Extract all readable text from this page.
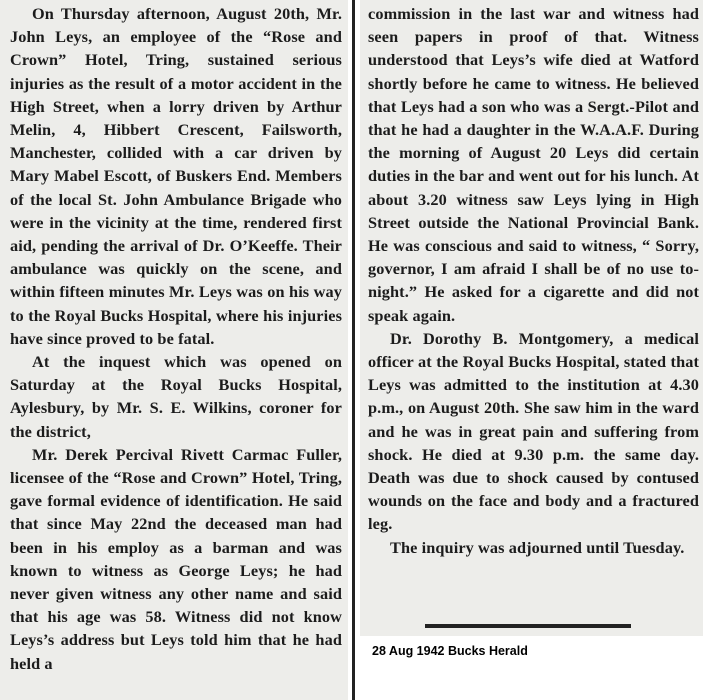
On Thursday afternoon, August 20th, Mr. John Leys, an employee of the “Rose and Crown” Hotel, Tring, sustained serious injuries as the result of a motor accident in the High Street, when a lorry driven by Arthur Melin, 4, Hibbert Crescent, Failsworth, Manchester, collided with a car driven by Mary Mabel Escott, of Buskers End. Members of the local St. John Ambulance Brigade who were in the vicinity at the time, rendered first aid, pending the arrival of Dr. O’Keeffe. Their ambulance was quickly on the scene, and within fifteen minutes Mr. Leys was on his way to the Royal Bucks Hospital, where his injuries have since proved to be fatal.

At the inquest which was opened on Saturday at the Royal Bucks Hospital, Aylesbury, by Mr. S. E. Wilkins, coroner for the district,

Mr. Derek Percival Rivett Carmac Fuller, licensee of the “Rose and Crown” Hotel, Tring, gave formal evidence of identification. He said that since May 22nd the deceased man had been in his employ as a barman and was known to witness as George Leys; he had never given witness any other name and said that his age was 58. Witness did not know Leys’s address but Leys told him that he had held a

commission in the last war and witness had seen papers in proof of that. Witness understood that Leys’s wife died at Watford shortly before he came to witness. He believed that Leys had a son who was a Sergt.-Pilot and that he had a daughter in the W.A.A.F. During the morning of August 20 Leys did certain duties in the bar and went out for his lunch. At about 3.20 witness saw Leys lying in High Street outside the National Provincial Bank. He was conscious and said to witness, “ Sorry, governor, I am afraid I shall be of no use to-night.” He asked for a cigarette and did not speak again.

Dr. Dorothy B. Montgomery, a medical officer at the Royal Bucks Hospital, stated that Leys was admitted to the institution at 4.30 p.m., on August 20th. She saw him in the ward and he was in great pain and suffering from shock. He died at 9.30 p.m. the same day. Death was due to shock caused by contused wounds on the face and body and a fractured leg.

The inquiry was adjourned until Tuesday.

28 Aug 1942 Bucks Herald
